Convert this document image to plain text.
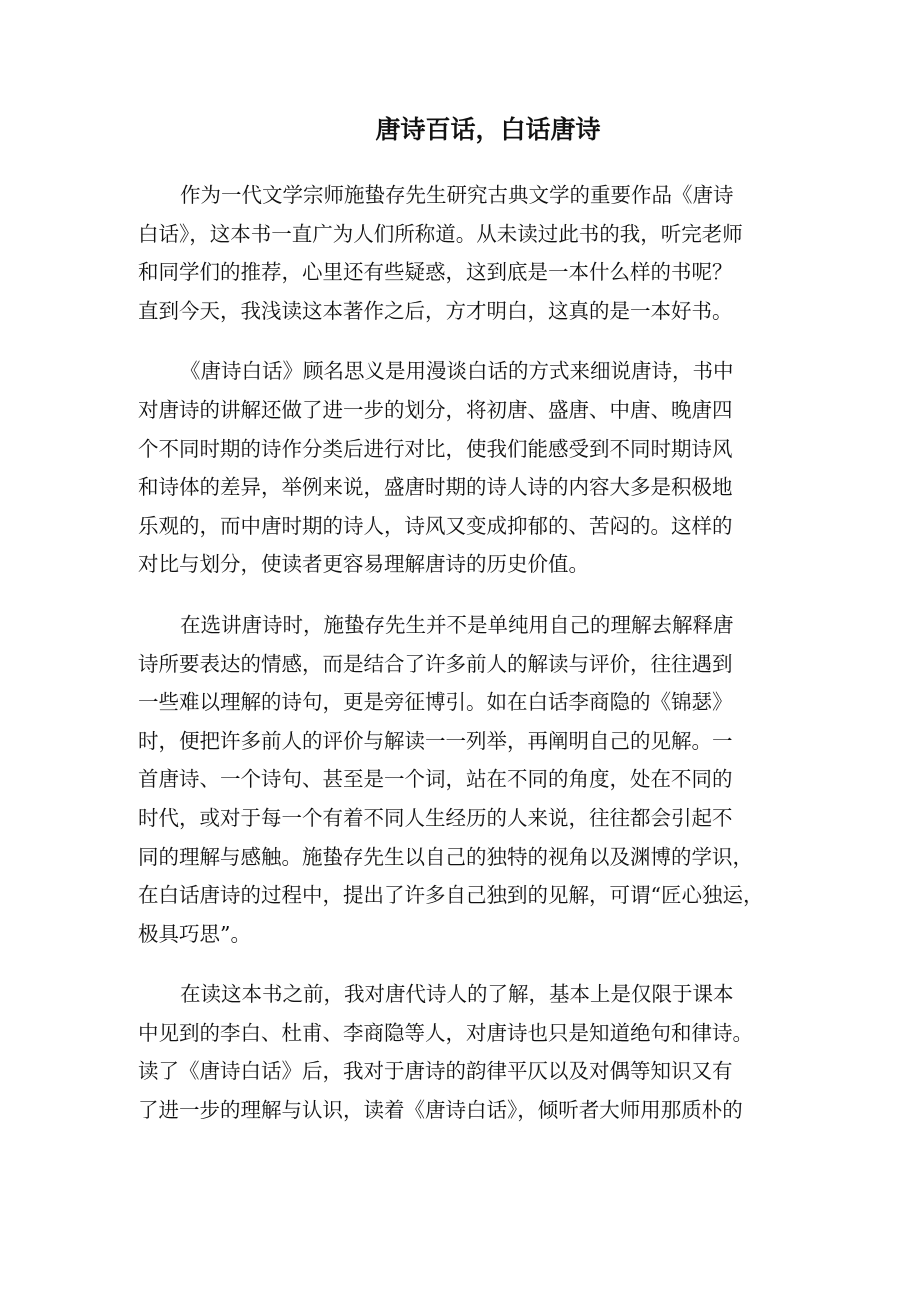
唐诗百话，白话唐诗
作为一代文学宗师施蛰存先生研究古典文学的重要作品《唐诗
白话》，这本书一直广为人们所称道。从未读过此书的我，听完老师
和同学们的推荐，心里还有些疑惑，这到底是一本什么样的书呢？
直到今天，我浅读这本著作之后，方才明白，这真的是一本好书。
《唐诗白话》顾名思义是用漫谈白话的方式来细说唐诗，书中
对唐诗的讲解还做了进一步的划分，将初唐、盛唐、中唐、晚唐四
个不同时期的诗作分类后进行对比，使我们能感受到不同时期诗风
和诗体的差异，举例来说，盛唐时期的诗人诗的内容大多是积极地
乐观的，而中唐时期的诗人，诗风又变成抑郁的、苦闷的。这样的
对比与划分，使读者更容易理解唐诗的历史价值。
在选讲唐诗时，施蛰存先生并不是单纯用自己的理解去解释唐
诗所要表达的情感，而是结合了许多前人的解读与评价，往往遇到
一些难以理解的诗句，更是旁征博引。如在白话李商隐的《锦瑟》
时，便把许多前人的评价与解读一一列举，再阐明自己的见解。一
首唐诗、一个诗句、甚至是一个词，站在不同的角度，处在不同的
时代，或对于每一个有着不同人生经历的人来说，往往都会引起不
同的理解与感触。施蛰存先生以自己的独特的视角以及渊博的学识，
在白话唐诗的过程中，提出了许多自己独到的见解，可谓“匠心独运，
极具巧思”。
在读这本书之前，我对唐代诗人的了解，基本上是仅限于课本
中见到的李白、杜甫、李商隐等人，对唐诗也只是知道绝句和律诗。
读了《唐诗白话》后，我对于唐诗的韵律平仄以及对偶等知识又有
了进一步的理解与认识，读着《唐诗白话》，倾听者大师用那质朴的
